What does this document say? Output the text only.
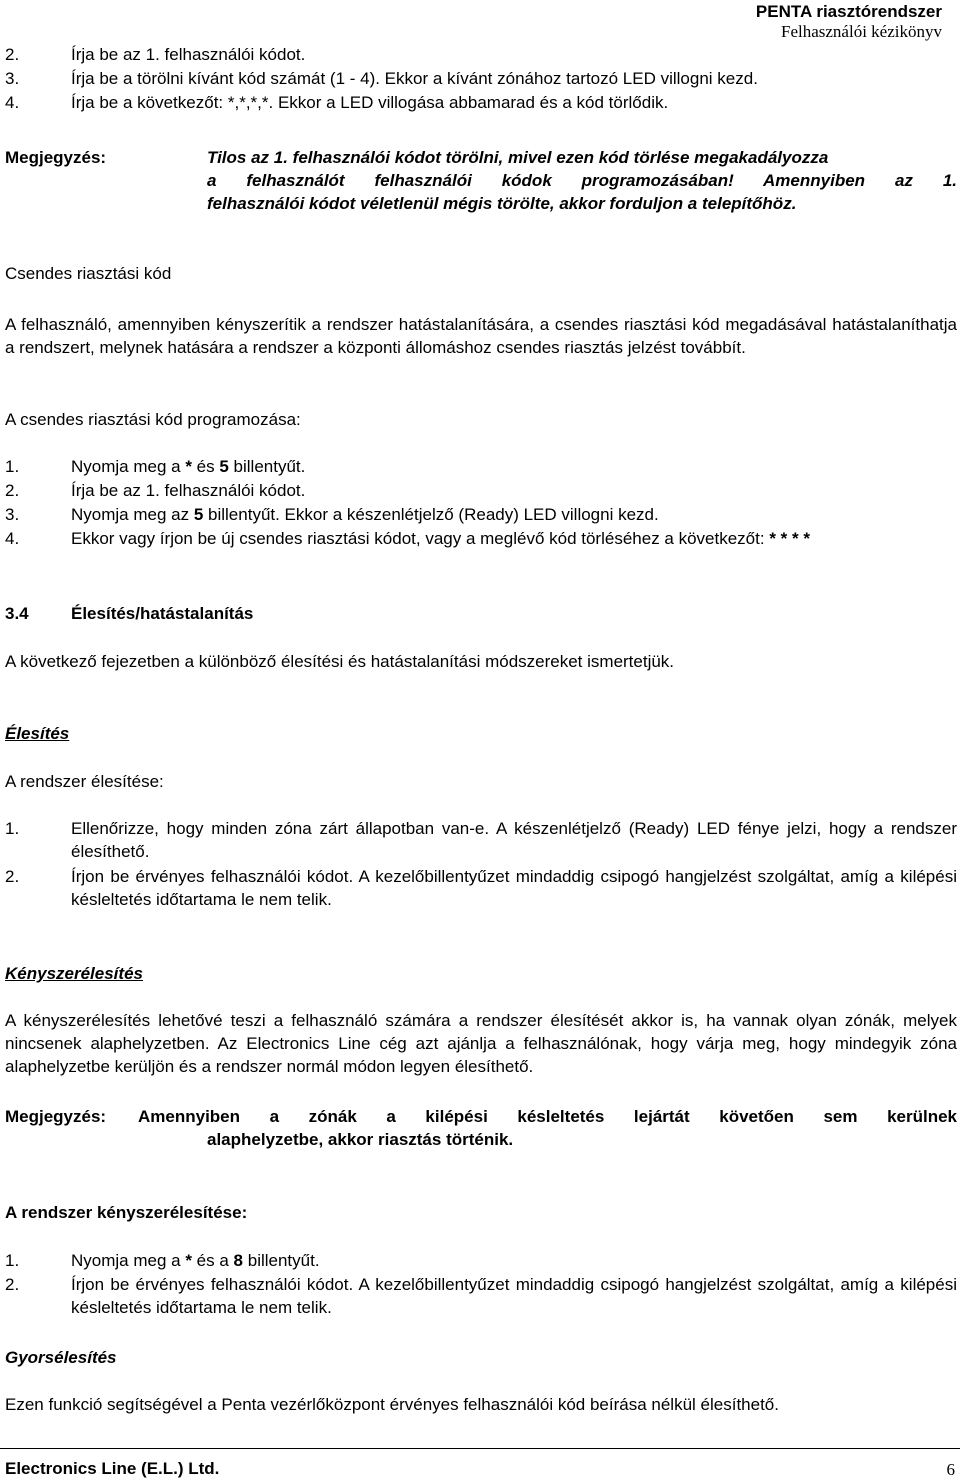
PENTA riasztórendszer
Felhasználói kézikönyv
2.	Írja be az 1. felhasználói kódot.
3.	Írja be a törölni kívánt kód számát (1 - 4). Ekkor a kívánt zónához tartozó LED villogni kezd.
4.	Írja be a következőt: *,*,*,*. Ekkor a LED villogása abbamarad és a kód törlődik.
Megjegyzés:	Tilos az 1. felhasználói kódot törölni, mivel ezen kód törlése megakadályozza
a felhasználót felhasználói kódok programozásában! Amennyiben az 1.
felhasználói kódot véletlenül mégis törölte, akkor forduljon a telepítőhöz.
Csendes riasztási kód
A felhasználó, amennyiben kényszerítik a rendszer hatástalanítására, a csendes riasztási kód megadásával hatástalaníthatja a rendszert, melynek hatására a rendszer a központi állomáshoz csendes riasztás jelzést továbbít.
A csendes riasztási kód programozása:
1.	Nyomja meg a * és 5 billentyűt.
2.	Írja be az 1. felhasználói kódot.
3.	Nyomja meg az 5 billentyűt. Ekkor a készenlétjelző (Ready) LED villogni kezd.
4.	Ekkor vagy írjon be új csendes riasztási kódot, vagy a meglévő kód törléséhez a következőt: * * * *
3.4 Élesítés/hatástalanítás
A következő fejezetben a különböző élesítési és hatástalanítási módszereket ismertetjük.
Élesítés
A rendszer élesítése:
1.	Ellenőrizze, hogy minden zóna zárt állapotban van-e. A készenlétjelző (Ready) LED fénye jelzi, hogy a rendszer élesíthető.
2.	Írjon be érvényes felhasználói kódot. A kezelőbillentyűzet mindaddig csipogó hangjelzést szolgáltat, amíg a kilépési késleltetés időtartama le nem telik.
Kényszerélesítés
A kényszerélesítés lehetővé teszi a felhasználó számára a rendszer élesítését akkor is, ha vannak olyan zónák, melyek nincsenek alaphelyzetben. Az Electronics Line cég azt ajánlja a felhasználónak, hogy várja meg, hogy mindegyik zóna alaphelyzetbe kerüljön és a rendszer normál módon legyen élesíthető.
Megjegyzés: Amennyiben a zónák a kilépési késleltetés lejártát követően sem kerülnek
alaphelyzetbe, akkor riasztás történik.
A rendszer kényszerélesítése:
1.	Nyomja meg a * és a 8 billentyűt.
2.	Írjon be érvényes felhasználói kódot. A kezelőbillentyűzet mindaddig csipogó hangjelzést szolgáltat, amíg a kilépési késleltetés időtartama le nem telik.
Gyorsélesítés
Ezen funkció segítségével a Penta vezérlőközpont érvényes felhasználói kód beírása nélkül élesíthető.
Electronics Line (E.L.) Ltd.	6
